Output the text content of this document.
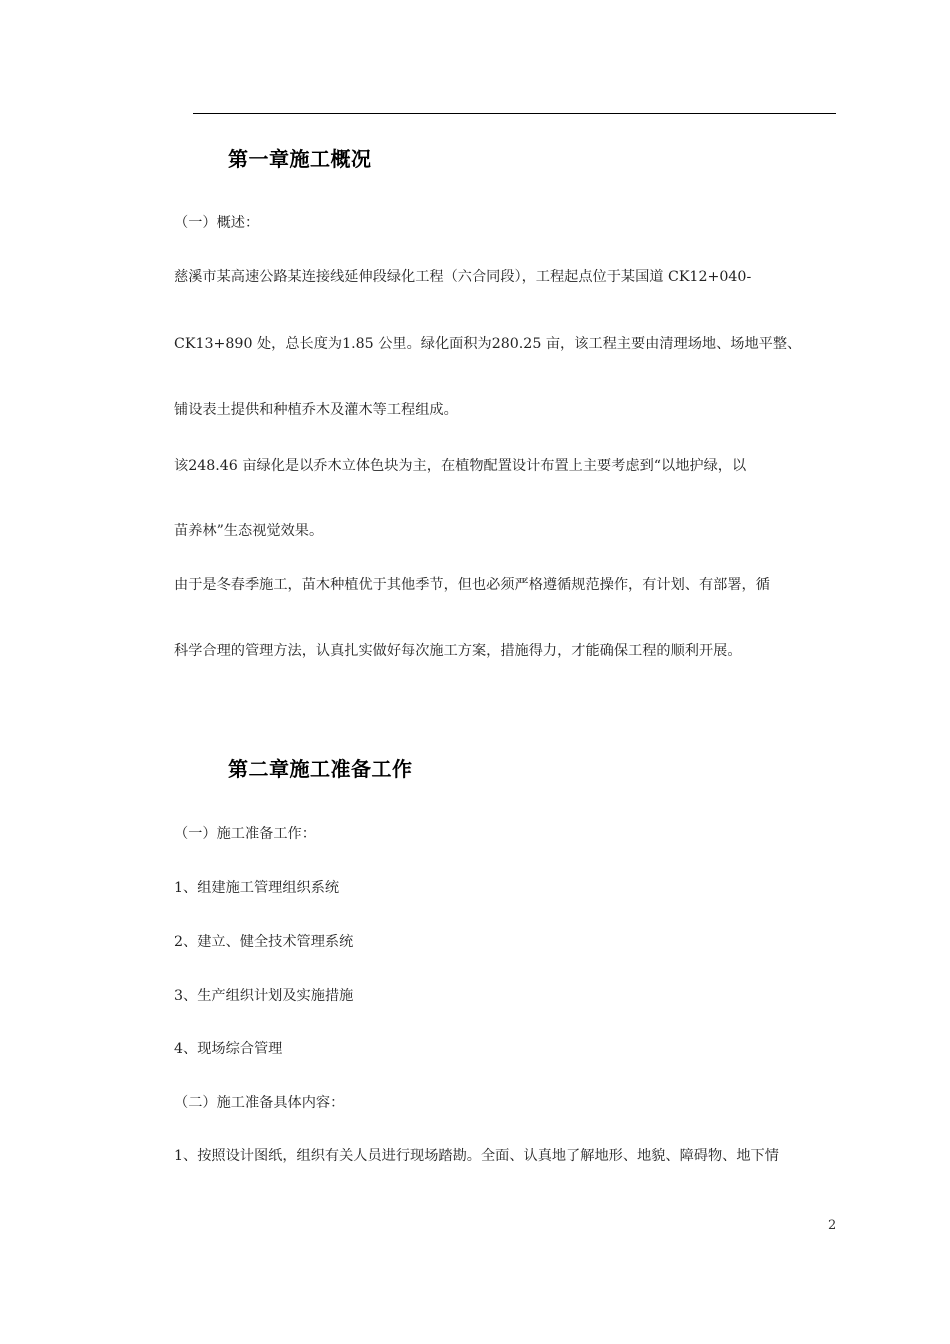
第一章施工概况
（一）概述：
慈溪市某高速公路某连接线延伸段绿化工程（六合同段），工程起点位于某国道 CK12+040-
CK13+890 处，总长度为1.85 公里。绿化面积为280.25 亩，该工程主要由清理场地、场地平整、
铺设表土提供和种植乔木及灌木等工程组成。
该248.46 亩绿化是以乔木立体色块为主，在植物配置设计布置上主要考虑到“以地护绿，以
苗养林”生态视觉效果。
由于是冬春季施工，苗木种植优于其他季节，但也必须严格遵循规范操作，有计划、有部署，循
科学合理的管理方法，认真扎实做好每次施工方案，措施得力，才能确保工程的顺利开展。
第二章施工准备工作
（一）施工准备工作：
1、组建施工管理组织系统
2、建立、健全技术管理系统
3、生产组织计划及实施措施
4、现场综合管理
（二）施工准备具体内容：
1、按照设计图纸，组织有关人员进行现场踏勘。全面、认真地了解地形、地貌、障碍物、地下情
2
